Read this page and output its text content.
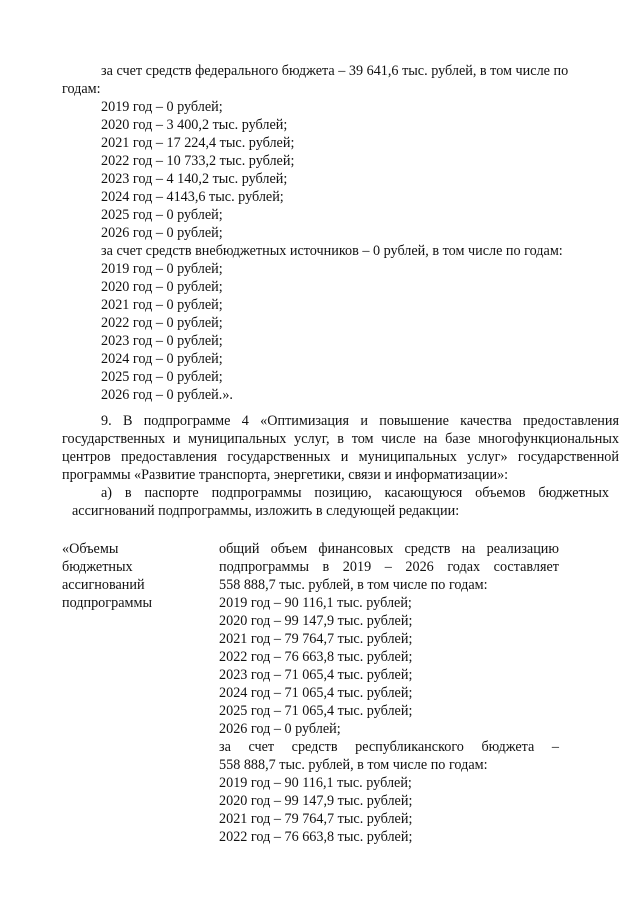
за счет средств федерального бюджета – 39 641,6 тыс. рублей, в том числе по
годам:
2019 год – 0 рублей;
2020 год – 3 400,2 тыс. рублей;
2021 год – 17 224,4 тыс. рублей;
2022 год – 10 733,2 тыс. рублей;
2023 год – 4 140,2 тыс. рублей;
2024 год – 4143,6 тыс. рублей;
2025 год – 0 рублей;
2026 год – 0 рублей;
за счет средств внебюджетных источников – 0 рублей, в том числе по годам:
2019 год – 0 рублей;
2020 год – 0 рублей;
2021 год – 0 рублей;
2022 год – 0 рублей;
2023 год – 0 рублей;
2024 год – 0 рублей;
2025 год – 0 рублей;
2026 год – 0 рублей.».
9. В подпрограмме 4 «Оптимизация и повышение качества предоставления
государственных и муниципальных услуг, в том числе на базе многофункциональных
центров предоставления государственных и муниципальных услуг» государственной
программы «Развитие транспорта, энергетики, связи и информатизации»:
а) в паспорте подпрограммы позицию, касающуюся объемов бюджетных
ассигнований подпрограммы, изложить в следующей редакции:
«Объемы
бюджетных
ассигнований
подпрограммы
общий объем финансовых средств на реализацию
подпрограммы в 2019 – 2026 годах составляет
558 888,7 тыс. рублей, в том числе по годам:
2019 год – 90 116,1 тыс. рублей;
2020 год – 99 147,9 тыс. рублей;
2021 год – 79 764,7 тыс. рублей;
2022 год – 76 663,8 тыс. рублей;
2023 год – 71 065,4 тыс. рублей;
2024 год – 71 065,4 тыс. рублей;
2025 год – 71 065,4 тыс. рублей;
2026 год – 0 рублей;
за счет средств республиканского бюджета –
558 888,7 тыс. рублей, в том числе по годам:
2019 год – 90 116,1 тыс. рублей;
2020 год – 99 147,9 тыс. рублей;
2021 год – 79 764,7 тыс. рублей;
2022 год – 76 663,8 тыс. рублей;
